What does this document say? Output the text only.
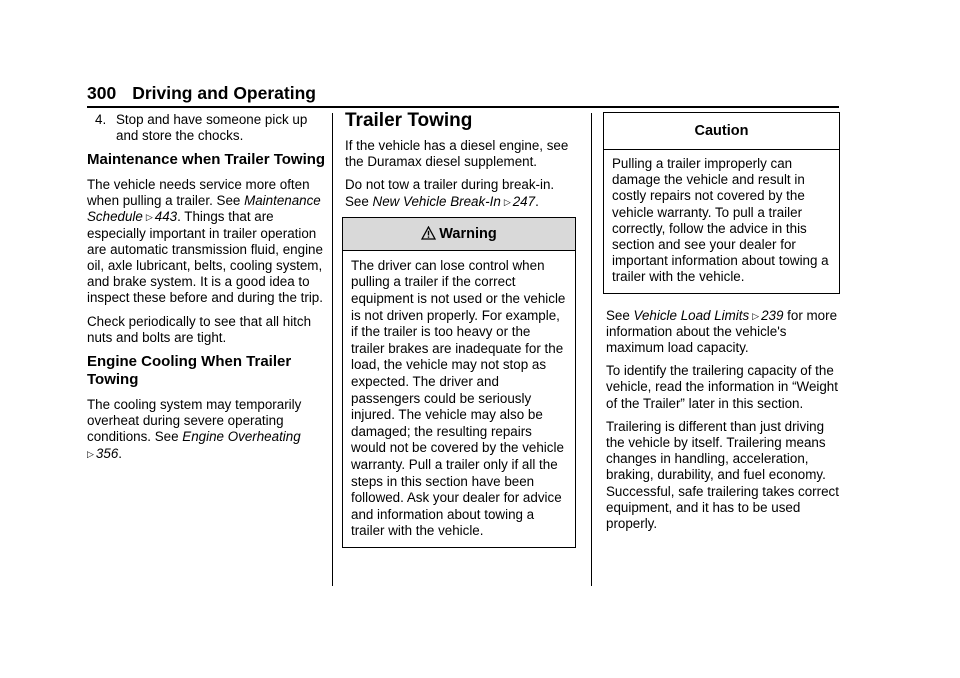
300 Driving and Operating
4. Stop and have someone pick up and store the chocks.
Maintenance when Trailer Towing

The vehicle needs service more often when pulling a trailer. See Maintenance Schedule ▷ 443. Things that are especially important in trailer operation are automatic transmission fluid, engine oil, axle lubricant, belts, cooling system, and brake system. It is a good idea to inspect these before and during the trip.

Check periodically to see that all hitch nuts and bolts are tight.

Engine Cooling When Trailer Towing

The cooling system may temporarily overheat during severe operating conditions. See Engine Overheating
▷ 356.

Trailer Towing

If the vehicle has a diesel engine, see the Duramax diesel supplement.

Do not tow a trailer during break-in. See New Vehicle Break-In ▷ 247.

Warning
The driver can lose control when pulling a trailer if the correct equipment is not used or the vehicle is not driven properly. For example, if the trailer is too heavy or the trailer brakes are inadequate for the load, the vehicle may not stop as expected. The driver and passengers could be seriously injured. The vehicle may also be damaged; the resulting repairs would not be covered by the vehicle warranty. Pull a trailer only if all the steps in this section have been followed. Ask your dealer for advice and information about towing a trailer with the vehicle.
Caution
Pulling a trailer improperly can damage the vehicle and result in costly repairs not covered by the vehicle warranty. To pull a trailer correctly, follow the advice in this section and see your dealer for important information about towing a trailer with the vehicle.

See Vehicle Load Limits ▷ 239 for more information about the vehicle's maximum load capacity.

To identify the trailering capacity of the vehicle, read the information in “Weight of the Trailer” later in this section.

Trailering is different than just driving the vehicle by itself. Trailering means changes in handling, acceleration, braking, durability, and fuel economy. Successful, safe trailering takes correct equipment, and it has to be used properly.
